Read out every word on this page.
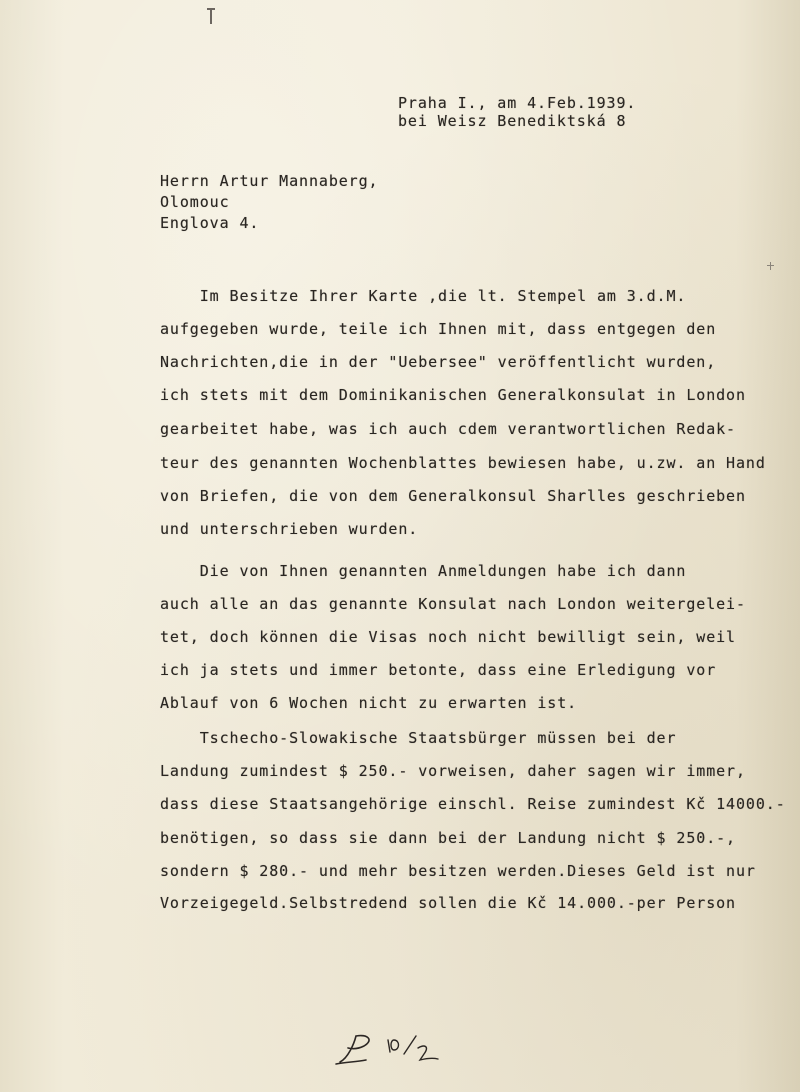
Praha I., am 4.Feb.1939.
bei Weisz Benediktská 8
Herrn Artur Mannaberg,
Olomouc
Englova 4.
Im Besitze Ihrer Karte ,die lt. Stempel am 3.d.M.
aufgegeben wurde, teile ich Ihnen mit, dass entgegen den
Nachrichten,die in der "Uebersee" veröffentlicht wurden,
ich stets mit dem Dominikanischen Generalkonsulat in London
gearbeitet habe, was ich auch cdem verantwortlichen Redak-
teur des genannten Wochenblattes bewiesen habe, u.zw. an Hand
von Briefen, die von dem Generalkonsul Sharlles geschrieben
und unterschrieben wurden.
Die von Ihnen genannten Anmeldungen habe ich dann
auch alle an das genannte Konsulat nach London weitergelei-
tet, doch können die Visas noch nicht bewilligt sein, weil
ich ja stets und immer betonte, dass eine Erledigung vor
Ablauf von 6 Wochen nicht zu erwarten ist.
Tschecho-Slowakische Staatsbürger müssen bei der
Landung zumindest $ 250.- vorweisen, daher sagen wir immer,
dass diese Staatsangehörige einschl. Reise zumindest Kč 14000.-
benötigen, so dass sie dann bei der Landung nicht $ 250.-,
sondern $ 280.- und mehr besitzen werden.Dieses Geld ist nur
Vorzeigegeld.Selbstredend sollen die Kč 14.000.-per Person
